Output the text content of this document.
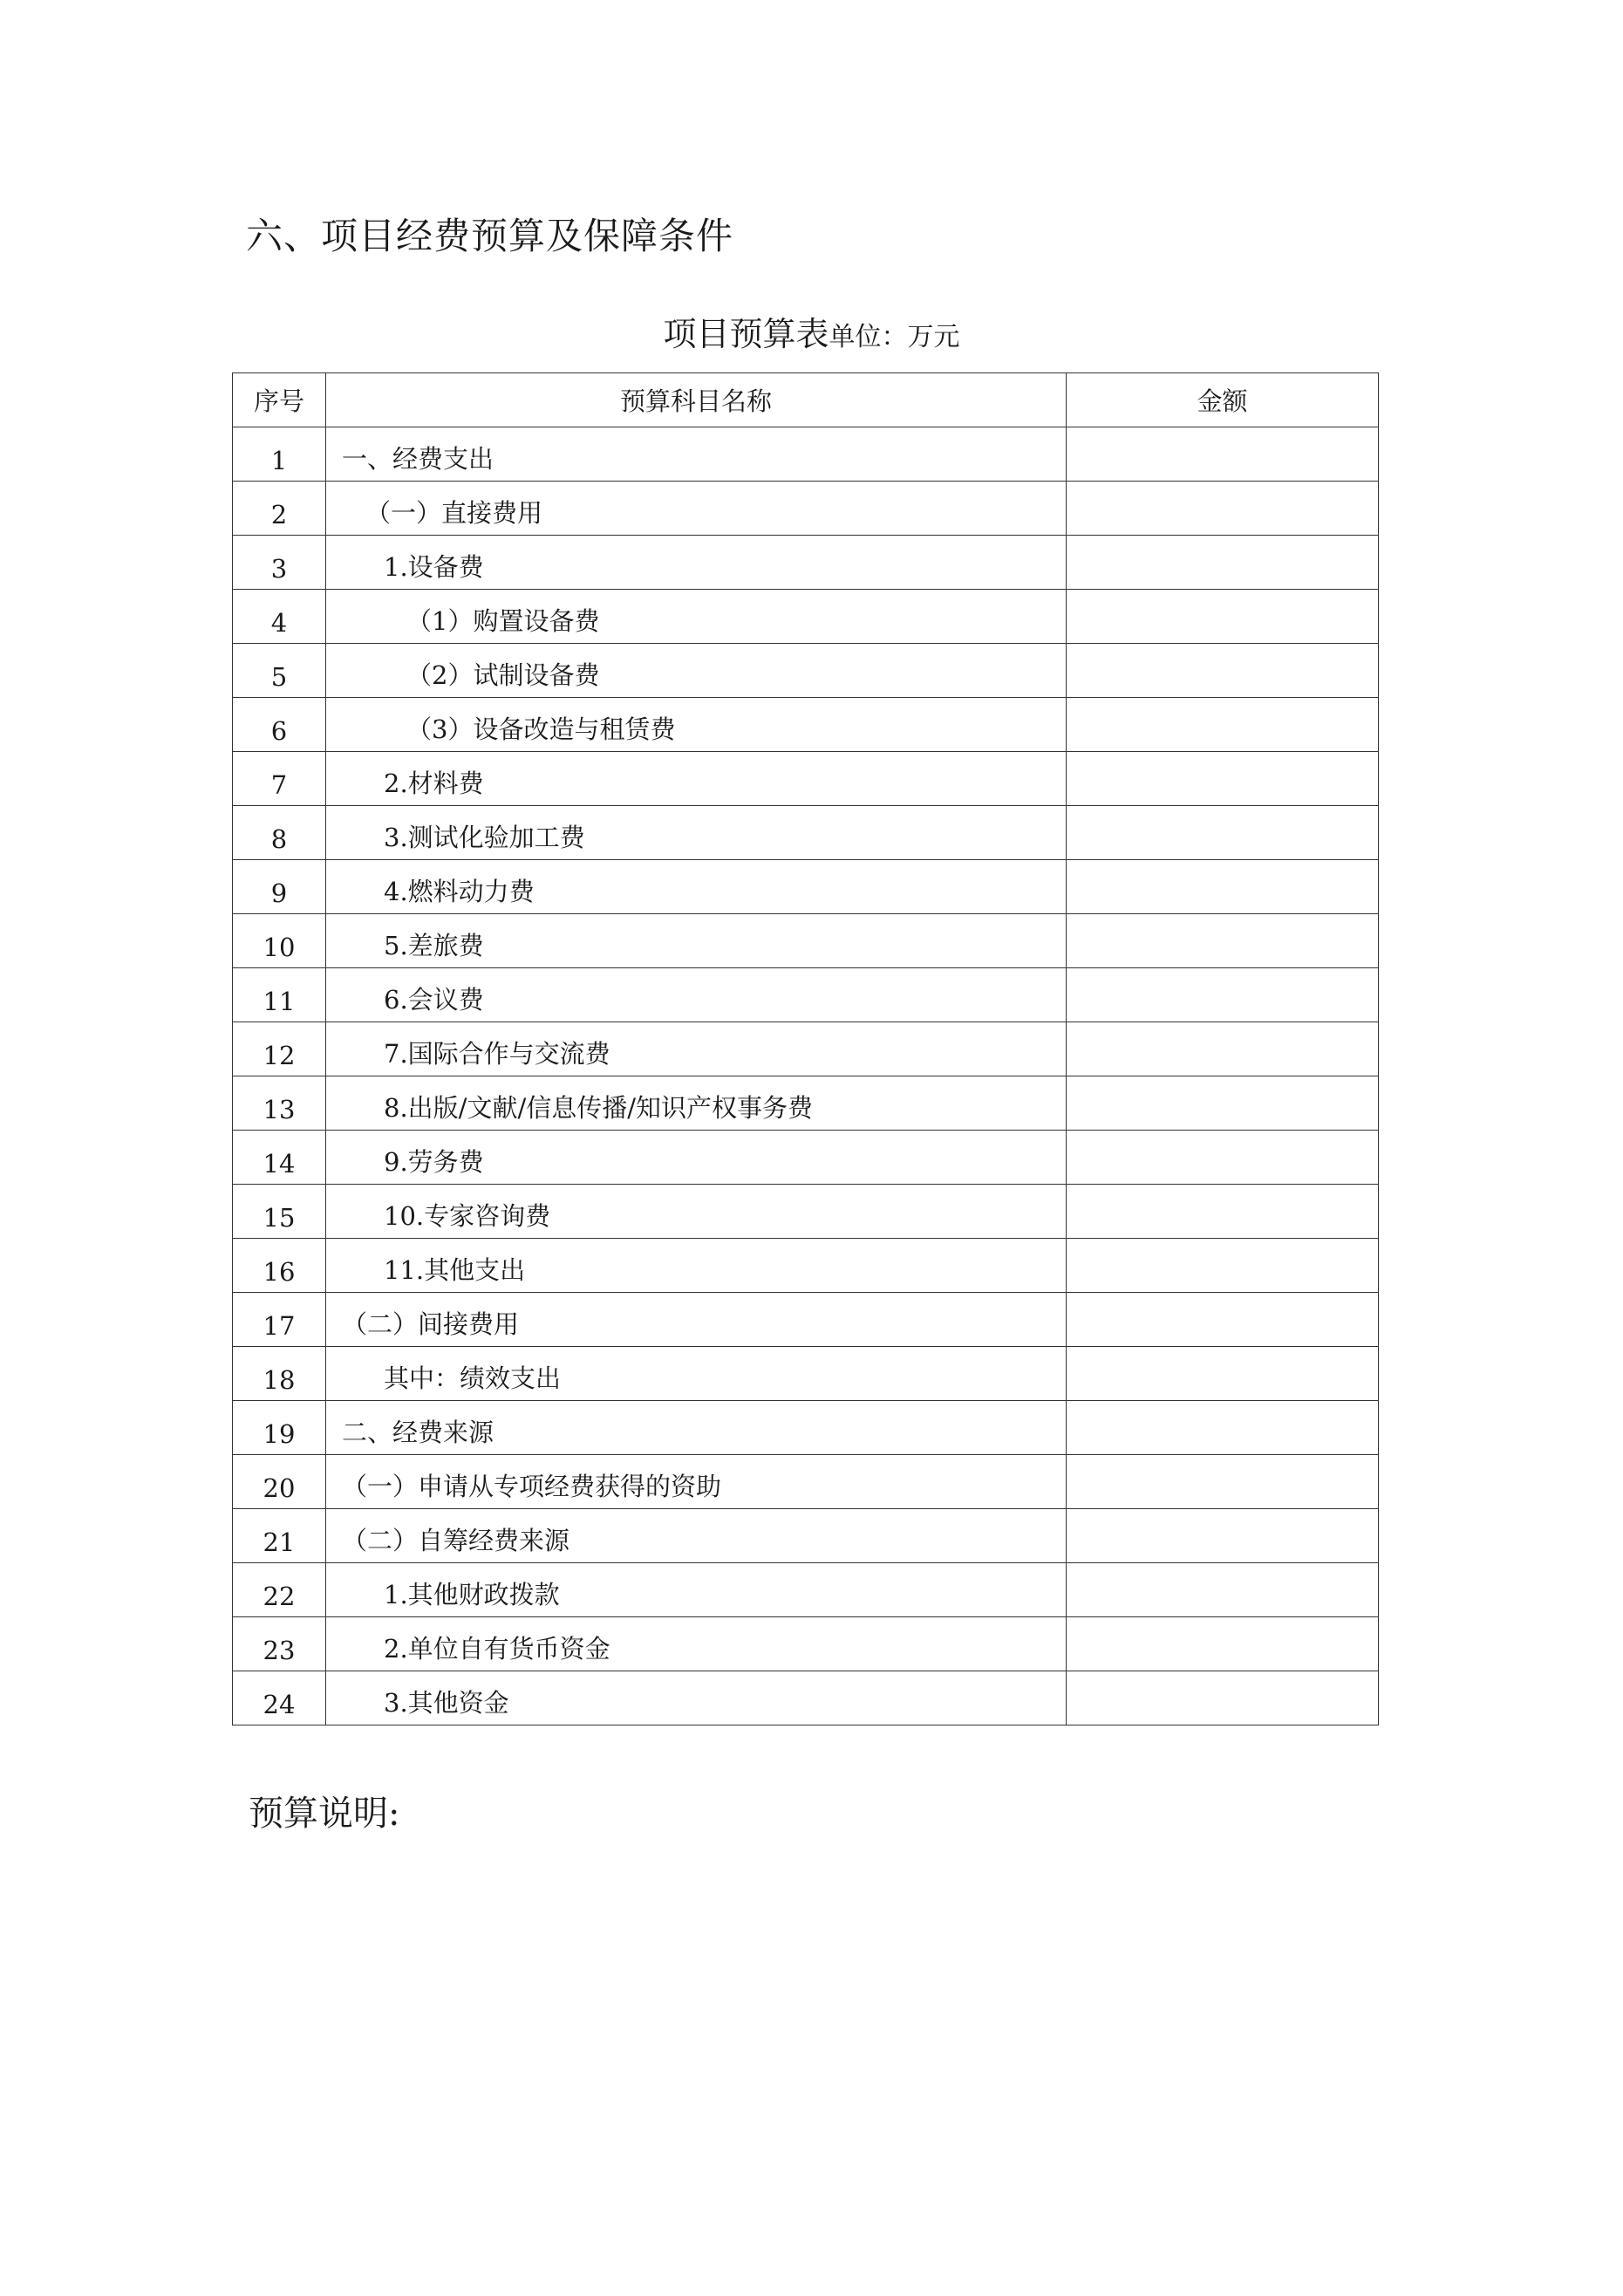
六、项目经费预算及保障条件
项目预算表单位：万元
序号	预算科目名称	金额
1	一、经费支出	
2	（一）直接费用	
3	1.设备费	
4	（1）购置设备费	
5	（2）试制设备费	
6	（3）设备改造与租赁费	
7	2.材料费	
8	3.测试化验加工费	
9	4.燃料动力费	
10	5.差旅费	
11	6.会议费	
12	7.国际合作与交流费	
13	8.出版/文献/信息传播/知识产权事务费	
14	9.劳务费	
15	10.专家咨询费	
16	11.其他支出	
17	（二）间接费用	
18	其中：绩效支出	
19	二、经费来源	
20	（一）申请从专项经费获得的资助	
21	（二）自筹经费来源	
22	1.其他财政拨款	
23	2.单位自有货币资金	
24	3.其他资金	
预算说明:
